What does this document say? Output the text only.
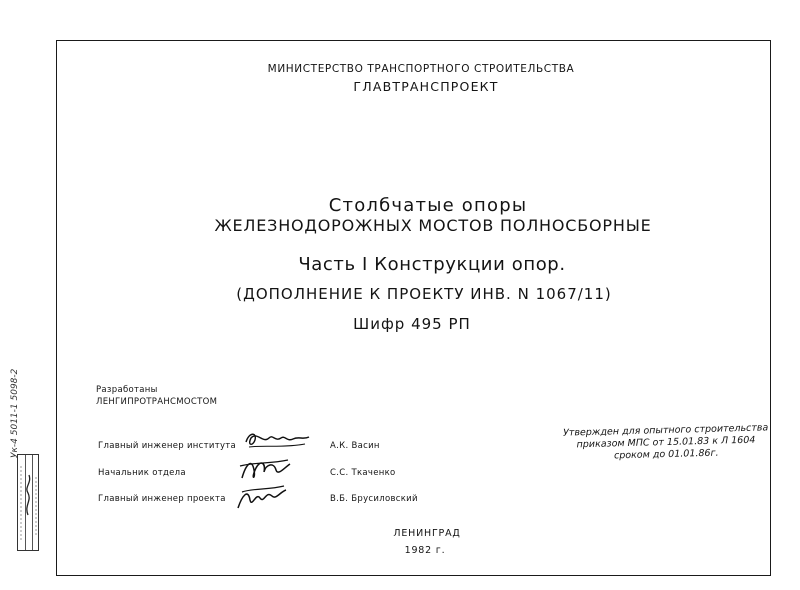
МИНИСТЕРСТВО ТРАНСПОРТНОГО СТРОИТЕЛЬСТВА
ГЛАВТРАНСПРОЕКТ
Столбчатые опоры
ЖЕЛЕЗНОДОРОЖНЫХ МОСТОВ ПОЛНОСБОРНЫЕ
Часть I Конструкции опор.
(ДОПОЛНЕНИЕ К ПРОЕКТУ ИНВ. N 1067/11)
Шифр 495 РП
Разработаны
ЛЕНГИПРОТРАНСМОСТОМ
Главный инженер института
Начальник отдела
Главный инженер проекта
А.К. Васин
С.С. Ткаченко
В.Б. Брусиловский
Утвержден для опытного строительства
приказом МПС от 15.01.83 к Л 1604
сроком до 01.01.86г.
ЛЕНИНГРАД
1982 г.
Ук-4 5011-1 5098-2
